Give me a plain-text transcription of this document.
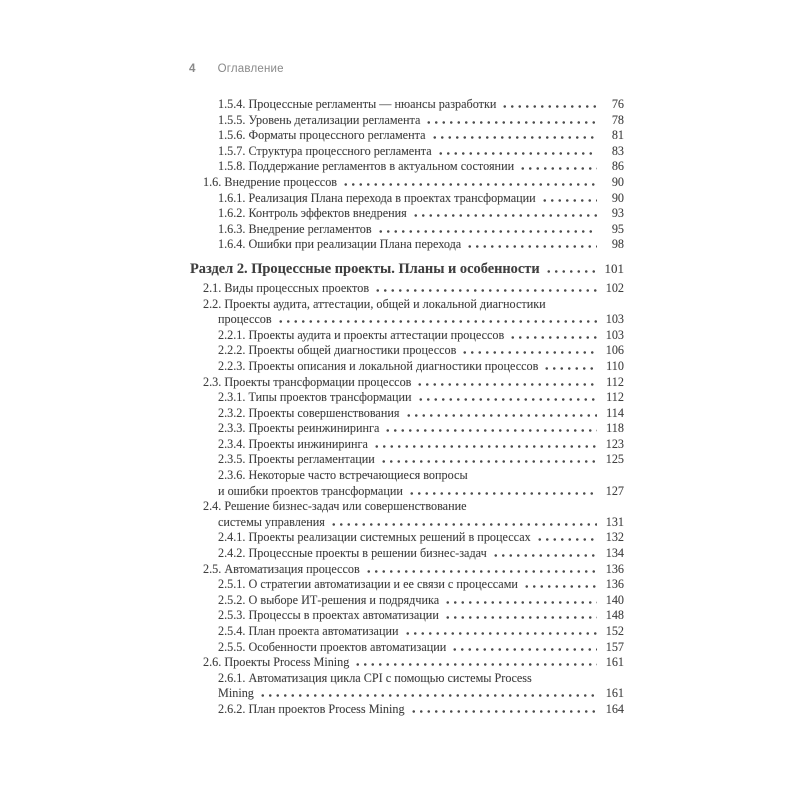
4 Оглавление
1.5.4. Процессные регламенты — нюансы разработки	76
1.5.5. Уровень детализации регламента	78
1.5.6. Форматы процессного регламента	81
1.5.7. Структура процессного регламента	83
1.5.8. Поддержание регламентов в актуальном состоянии	86
1.6. Внедрение процессов	90
1.6.1. Реализация Плана перехода в проектах трансформации	90
1.6.2. Контроль эффектов внедрения	93
1.6.3. Внедрение регламентов	95
1.6.4. Ошибки при реализации Плана перехода	98
Раздел 2. Процессные проекты. Планы и особенности	101
2.1. Виды процессных проектов	102
2.2. Проекты аудита, аттестации, общей и локальной диагностики
процессов	103
2.2.1. Проекты аудита и проекты аттестации процессов	103
2.2.2. Проекты общей диагностики процессов	106
2.2.3. Проекты описания и локальной диагностики процессов	110
2.3. Проекты трансформации процессов	112
2.3.1. Типы проектов трансформации	112
2.3.2. Проекты совершенствования	114
2.3.3. Проекты реинжиниринга	118
2.3.4. Проекты инжиниринга	123
2.3.5. Проекты регламентации	125
2.3.6. Некоторые часто встречающиеся вопросы
и ошибки проектов трансформации	127
2.4. Решение бизнес-задач или совершенствование
системы управления	131
2.4.1. Проекты реализации системных решений в процессах	132
2.4.2. Процессные проекты в решении бизнес-задач	134
2.5. Автоматизация процессов	136
2.5.1. О стратегии автоматизации и ее связи с процессами	136
2.5.2. О выборе ИТ-решения и подрядчика	140
2.5.3. Процессы в проектах автоматизации	148
2.5.4. План проекта автоматизации	152
2.5.5. Особенности проектов автоматизации	157
2.6. Проекты Process Mining	161
2.6.1. Автоматизация цикла CPI с помощью системы Process
Mining	161
2.6.2. План проектов Process Mining	164
